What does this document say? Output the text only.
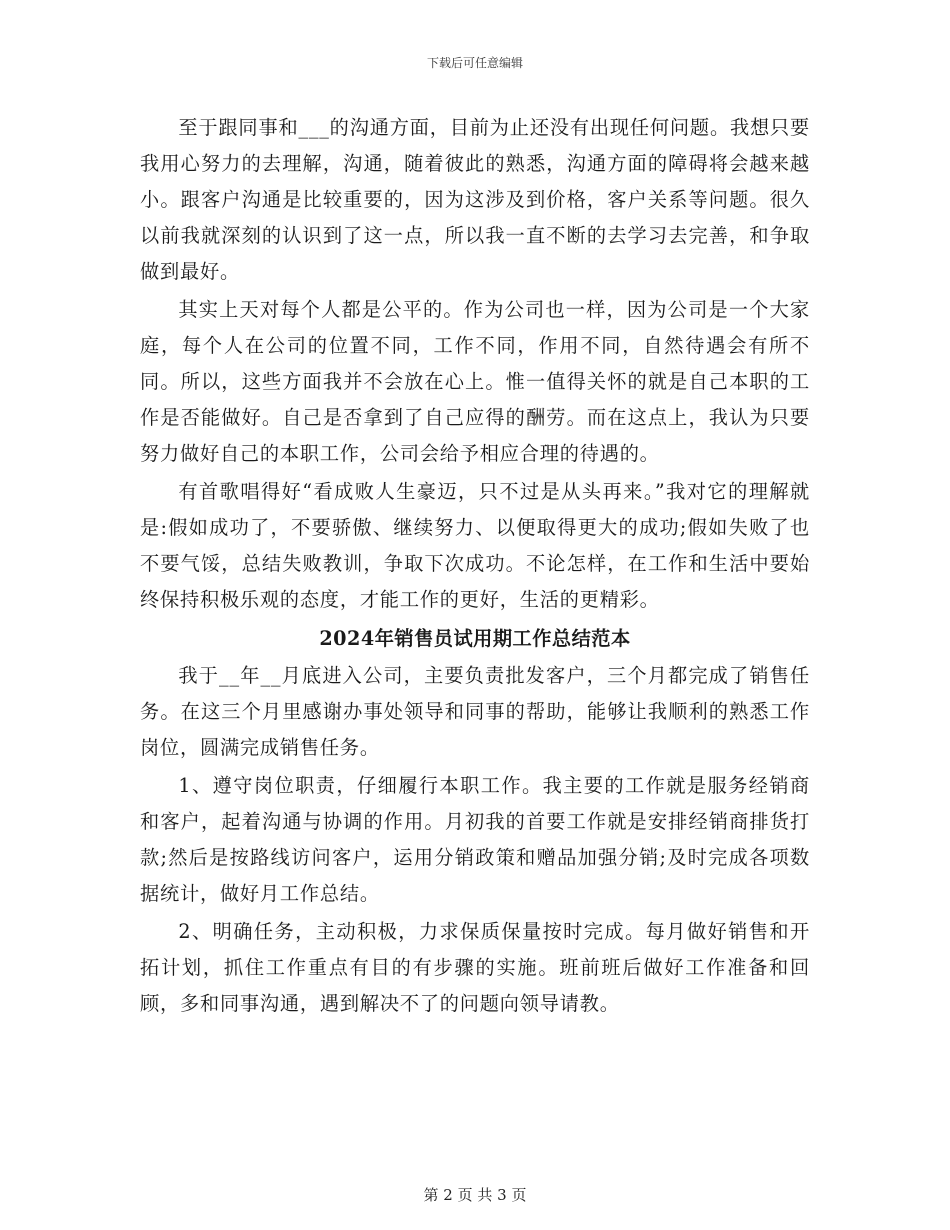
下载后可任意编辑

至于跟同事和___的沟通方面，目前为止还没有出现任何问题。我想只要我用心努力的去理解，沟通，随着彼此的熟悉，沟通方面的障碍将会越来越小。跟客户沟通是比较重要的，因为这涉及到价格，客户关系等问题。很久以前我就深刻的认识到了这一点，所以我一直不断的去学习去完善，和争取做到最好。

其实上天对每个人都是公平的。作为公司也一样，因为公司是一个大家庭，每个人在公司的位置不同，工作不同，作用不同，自然待遇会有所不同。所以，这些方面我并不会放在心上。惟一值得关怀的就是自己本职的工作是否能做好。自己是否拿到了自己应得的酬劳。而在这点上，我认为只要努力做好自己的本职工作，公司会给予相应合理的待遇的。

有首歌唱得好“看成败人生豪迈，只不过是从头再来。”我对它的理解就是:假如成功了，不要骄傲、继续努力、以便取得更大的成功;假如失败了也不要气馁，总结失败教训，争取下次成功。不论怎样，在工作和生活中要始终保持积极乐观的态度，才能工作的更好，生活的更精彩。

2024年销售员试用期工作总结范本

我于__年__月底进入公司，主要负责批发客户，三个月都完成了销售任务。在这三个月里感谢办事处领导和同事的帮助，能够让我顺利的熟悉工作岗位，圆满完成销售任务。

1、遵守岗位职责，仔细履行本职工作。我主要的工作就是服务经销商和客户，起着沟通与协调的作用。月初我的首要工作就是安排经销商排货打款;然后是按路线访问客户，运用分销政策和赠品加强分销;及时完成各项数据统计，做好月工作总结。

2、明确任务，主动积极，力求保质保量按时完成。每月做好销售和开拓计划，抓住工作重点有目的有步骤的实施。班前班后做好工作准备和回顾，多和同事沟通，遇到解决不了的问题向领导请教。

第 2 页 共 3 页
